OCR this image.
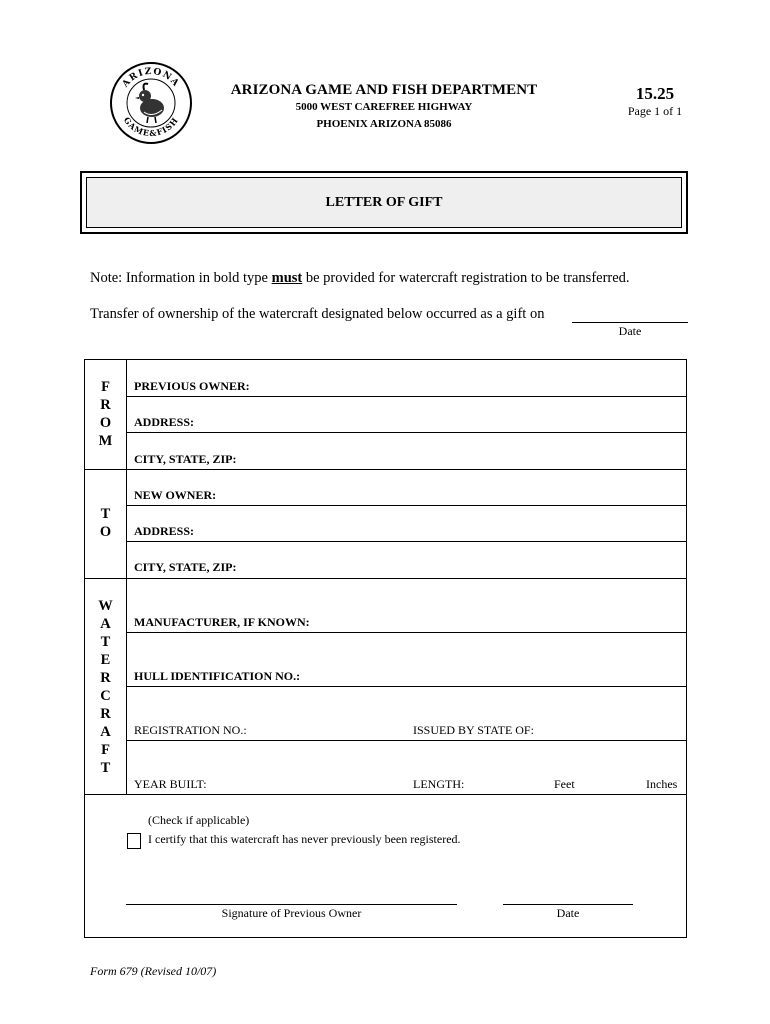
ARIZONA
GAME&FISH
ARIZONA GAME AND FISH DEPARTMENT
5000 WEST CAREFREE HIGHWAY
PHOENIX ARIZONA 85086
15.25
Page 1 of 1
LETTER OF GIFT
Note: Information in bold type must be provided for watercraft registration to be transferred.
Transfer of ownership of the watercraft designated below occurred as a gift on
Date
F
R
O
M
PREVIOUS OWNER:
ADDRESS:
CITY, STATE, ZIP:
T
O
NEW OWNER:
ADDRESS:
CITY, STATE, ZIP:
W
A
T
E
R
C
R
A
F
T
MANUFACTURER, IF KNOWN:
HULL IDENTIFICATION NO.:
REGISTRATION NO.:	ISSUED BY STATE OF:
YEAR BUILT:	LENGTH:	Feet	Inches
(Check if applicable)
I certify that this watercraft has never previously been registered.
Signature of Previous Owner	Date
Form 679 (Revised 10/07)
